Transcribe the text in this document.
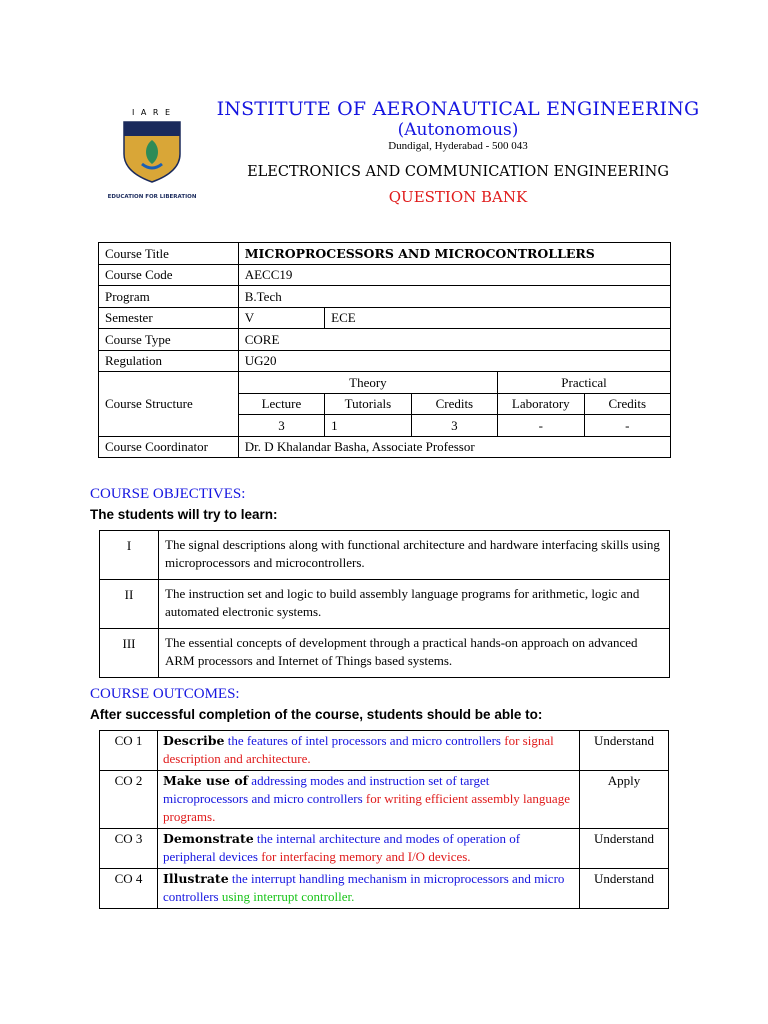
I A R E
EDUCATION FOR LIBERATION
INSTITUTE OF AERONAUTICAL ENGINEERING
(Autonomous)
Dundigal, Hyderabad - 500 043
ELECTRONICS AND COMMUNICATION ENGINEERING
QUESTION BANK
Course Title	MICROPROCESSORS AND MICROCONTROLLERS				
Course Code	AECC19				
Program	B.Tech				
Semester	V	ECE			
Course Type	CORE				
Regulation	UG20				
Course Structure	Theory			Practical	
	Lecture	Tutorials	Credits	Laboratory	Credits
	3	1	3	-	-
Course Coordinator	Dr. D Khalandar Basha, Associate Professor				
COURSE OBJECTIVES:
The students will try to learn:
I	The signal descriptions along with functional architecture and hardware interfacing skills using microprocessors and microcontrollers.
II	The instruction set and logic to build assembly language programs for arithmetic, logic and automated electronic systems.
III	The essential concepts of development through a practical hands-on approach on advanced ARM processors and Internet of Things based systems.
COURSE OUTCOMES:
After successful completion of the course, students should be able to:
CO 1	Describe the features of intel processors and micro controllers for signal description and architecture.	Understand
CO 2	Make use of addressing modes and instruction set of target microprocessors and micro controllers for writing efficient assembly language programs.	Apply
CO 3	Demonstrate the internal architecture and modes of operation of peripheral devices for interfacing memory and I/O devices.	Understand
CO 4	Illustrate the interrupt handling mechanism in microprocessors and micro controllers using interrupt controller.	Understand
